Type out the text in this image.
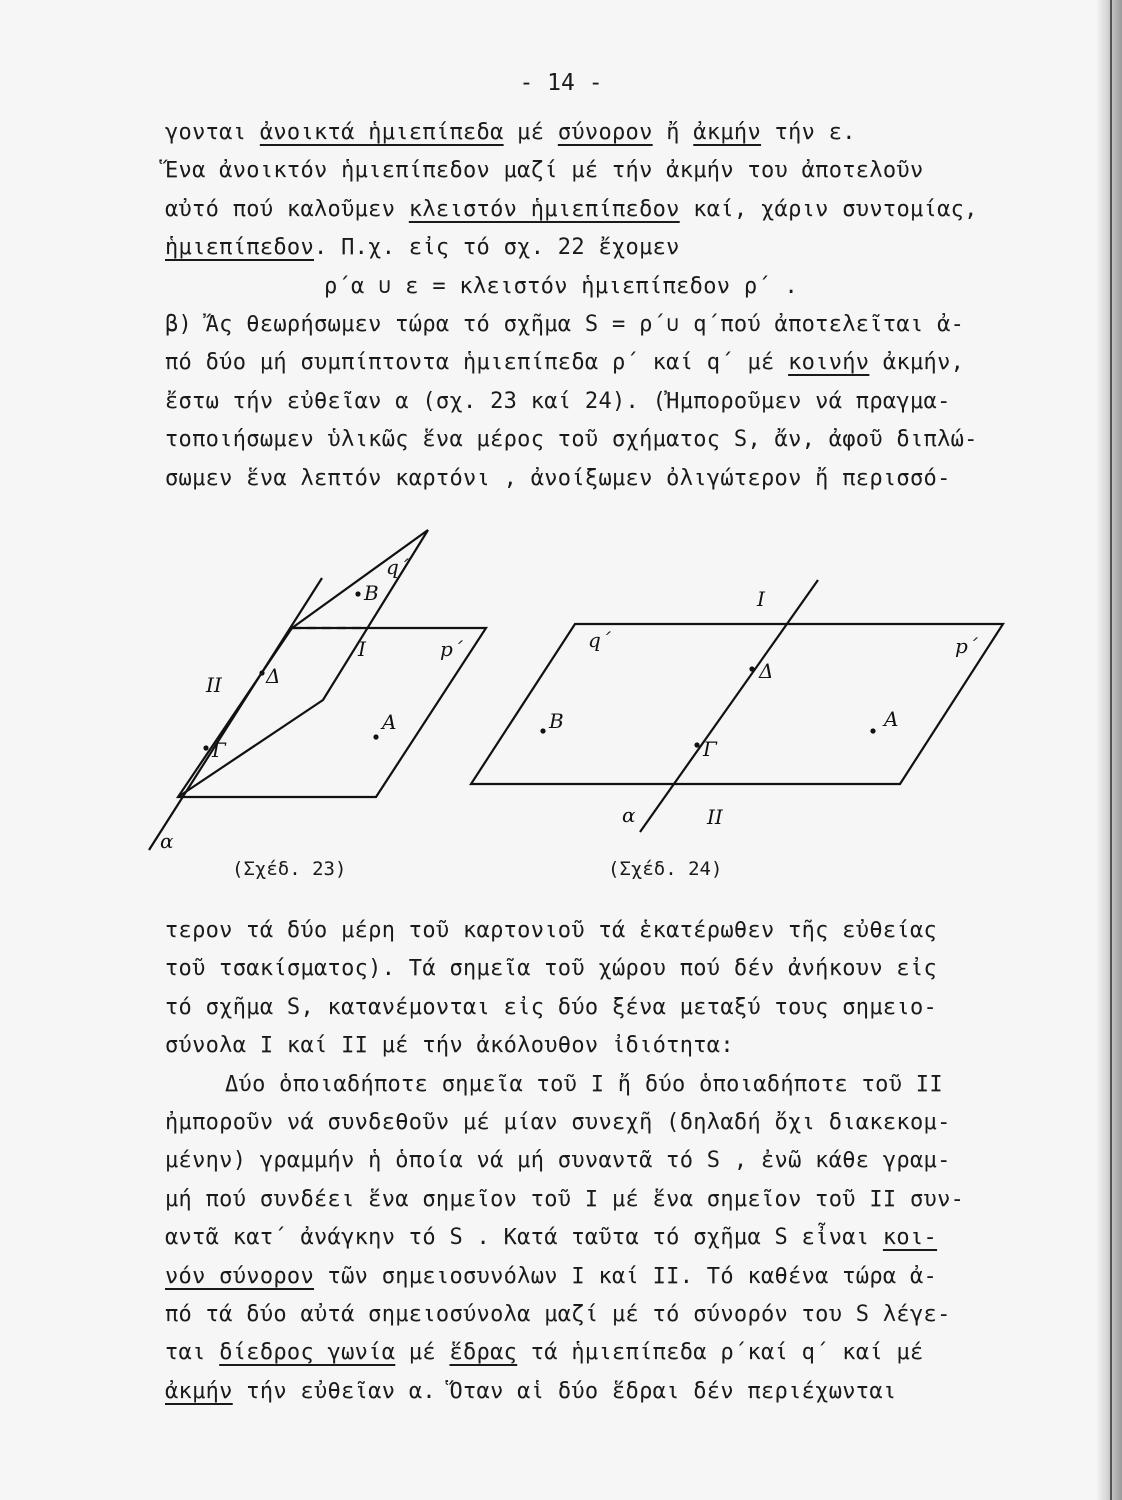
- 14 -
γονται ἀνοικτά ἡμιεπίπεδα μέ σύνορον ἤ ἀκμήν τήν ε.
Ἕνα ἀνοικτόν ἡμιεπίπεδον μαζί μέ τήν ἀκμήν του ἀποτελοῦν
αὐτό πού καλοῦμεν κλειστόν ἡμιεπίπεδον καί, χάριν συντομίας,
ἡμιεπίπεδον. Π.χ. εἰς τό σχ. 22 ἔχομεν
ρ΄α ∪ ε = κλειστόν ἡμιεπίπεδον ρ΄ .
β) Ἄς θεωρήσωμεν τώρα τό σχῆμα S = ρ΄∪ q΄πού ἀποτελεῖται ἀ-
πό δύο μή συμπίπτοντα ἡμιεπίπεδα ρ΄ καί q΄ μέ κοινήν ἀκμήν,
ἔστω τήν εὐθεῖαν α (σχ. 23 καί 24). (Ἠμποροῦμεν νά πραγμα-
τοποιήσωμεν ὑλικῶς ἕνα μέρος τοῦ σχήματος S, ἄν, ἀφοῦ διπλώ-
σωμεν ἕνα λεπτόν καρτόνι , ἀνοίξωμεν ὀλιγώτερον ἤ περισσό-
q΄
B
I	p΄
II Δ
A
Γ
α
I
q΄	p΄
Δ
B	A
Γ
α	II
(Σχέδ. 23)	(Σχέδ. 24)
τερον τά δύο μέρη τοῦ καρτονιοῦ τά ἑκατέρωθεν τῆς εὐθείας
τοῦ τσακίσματος). Τά σημεῖα τοῦ χώρου πού δέν ἀνήκουν εἰς
τό σχῆμα S, κατανέμονται εἰς δύο ξένα μεταξύ τους σημειο-
σύνολα Ι καί ΙΙ μέ τήν ἀκόλουθον ἰδιότητα:
Δύο ὁποιαδήποτε σημεῖα τοῦ Ι ἤ δύο ὁποιαδήποτε τοῦ ΙΙ
ἠμποροῦν νά συνδεθοῦν μέ μίαν συνεχῆ (δηλαδή ὄχι διακεκομ-
μένην) γραμμήν ἡ ὁποία νά μή συναντᾶ τό S , ἐνῶ κάθε γραμ-
μή πού συνδέει ἕνα σημεῖον τοῦ Ι μέ ἕνα σημεῖον τοῦ ΙΙ συν-
αντᾶ κατ΄ ἀνάγκην τό S . Κατά ταῦτα τό σχῆμα S εἶναι κοι-
νόν σύνορον τῶν σημειοσυνόλων Ι καί ΙΙ. Τό καθένα τώρα ἀ-
πό τά δύο αὐτά σημειοσύνολα μαζί μέ τό σύνορόν του S λέγε-
ται δίεδρος γωνία μέ ἕδρας τά ἡμιεπίπεδα ρ΄καί q΄ καί μέ
ἀκμήν τήν εὐθεῖαν α. Ὅταν αἱ δύο ἕδραι δέν περιέχωνται
